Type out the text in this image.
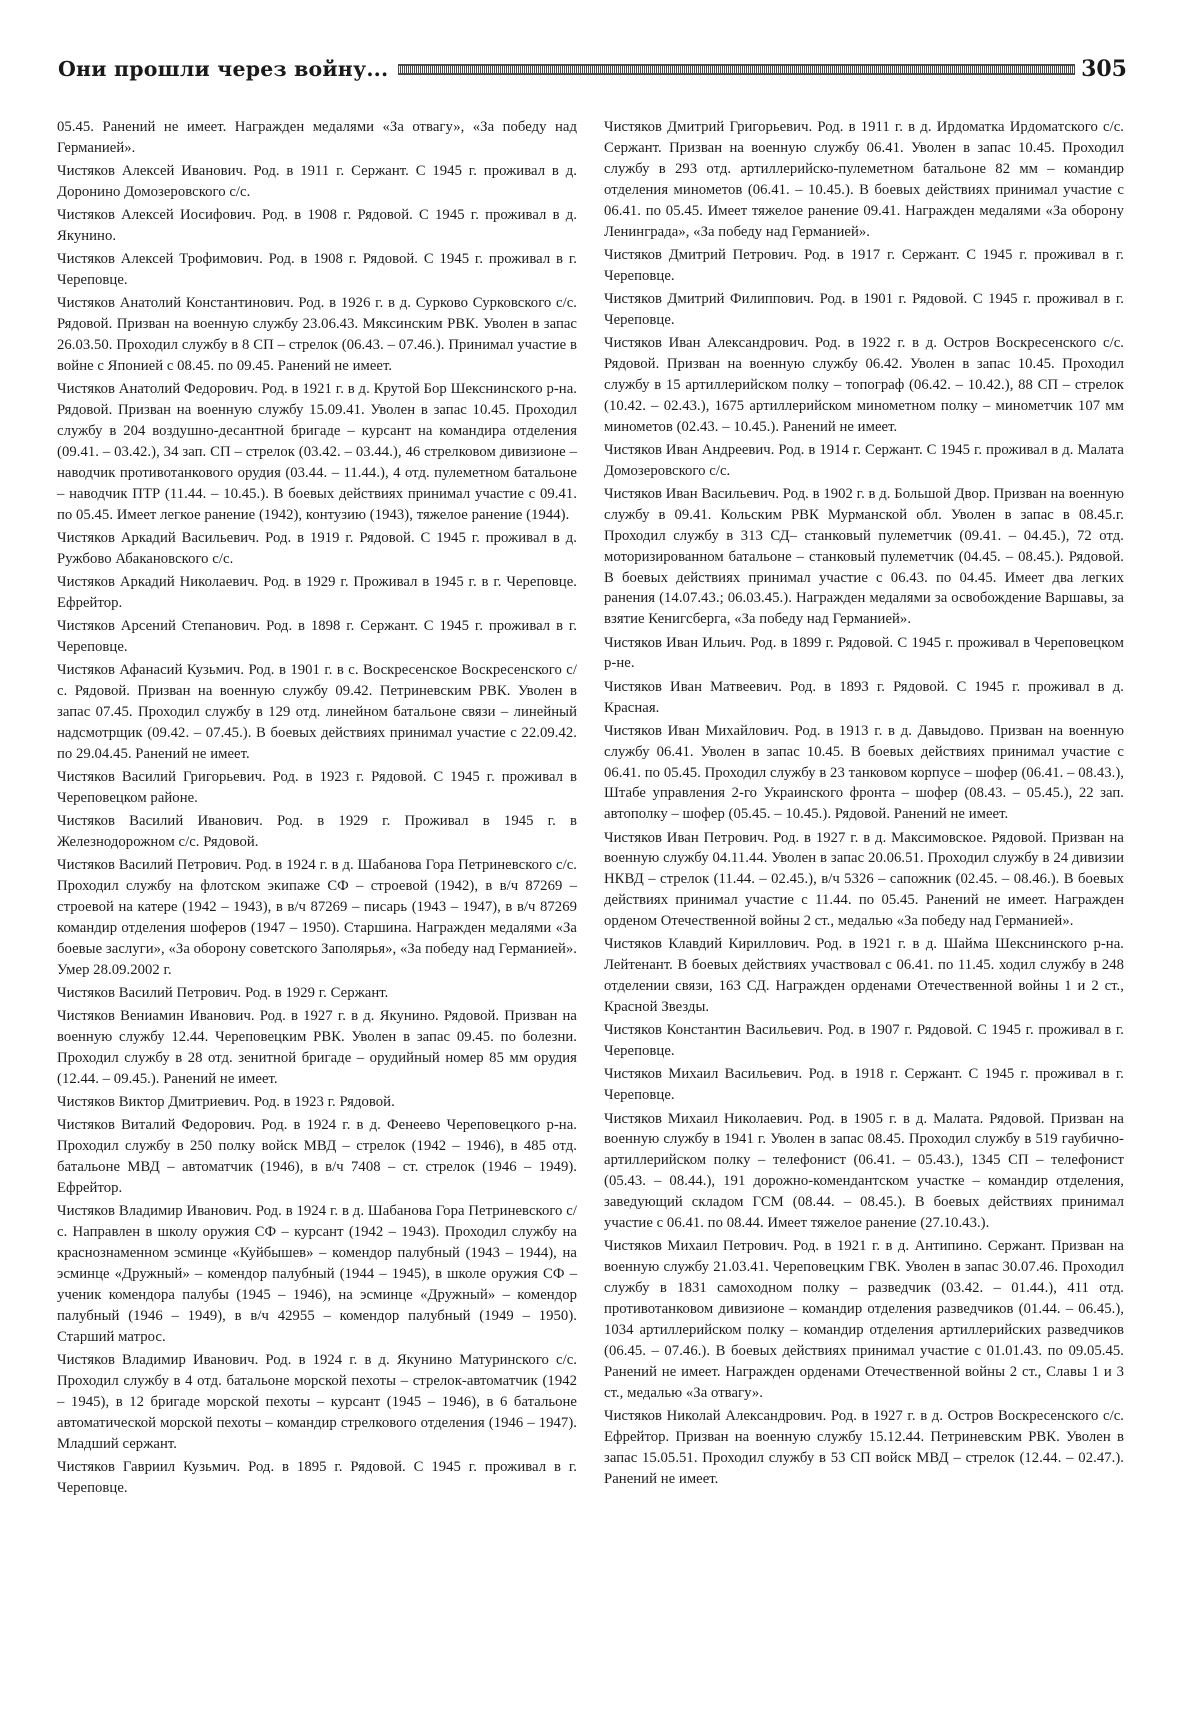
Они прошли через войну...	305

05.45. Ранений не имеет. Награжден медалями «За отвагу», «За победу над Германией».

Чистяков Алексей Иванович. Род. в 1911 г. Сержант. С 1945 г. проживал в д. Доронино Домозеровского с/с.

Чистяков Алексей Иосифович. Род. в 1908 г. Рядовой. С 1945 г. проживал в д. Якунино.

Чистяков Алексей Трофимович. Род. в 1908 г. Рядовой. С 1945 г. проживал в г. Череповце.

Чистяков Анатолий Константинович. Род. в 1926 г. в д. Сурково Сурковского с/с. Рядовой. Призван на военную службу 23.06.43. Мяксинским РВК. Уволен в запас 26.03.50. Проходил службу в 8 СП – стрелок (06.43. – 07.46.). Принимал участие в войне с Японией с 08.45. по 09.45. Ранений не имеет.

Чистяков Анатолий Федорович. Род. в 1921 г. в д. Крутой Бор Шекснинского р-на. Рядовой. Призван на военную службу 15.09.41. Уволен в запас 10.45. Проходил службу в 204 воздушно-десантной бригаде – курсант на командира отделения (09.41. – 03.42.), 34 зап. СП – стрелок (03.42. – 03.44.), 46 стрелковом дивизионе – наводчик противотанкового орудия (03.44. – 11.44.), 4 отд. пулеметном батальоне – наводчик ПТР (11.44. – 10.45.). В боевых действиях принимал участие с 09.41. по 05.45. Имеет легкое ранение (1942), контузию (1943), тяжелое ранение (1944).

Чистяков Аркадий Васильевич. Род. в 1919 г. Рядовой. С 1945 г. проживал в д. Ружбово Абакановского с/с.

Чистяков Аркадий Николаевич. Род. в 1929 г. Проживал в 1945 г. в г. Череповце. Ефрейтор.

Чистяков Арсений Степанович. Род. в 1898 г. Сержант. С 1945 г. проживал в г. Череповце.

Чистяков Афанасий Кузьмич. Род. в 1901 г. в с. Воскресенское Воскресенского с/с. Рядовой. Призван на военную службу 09.42. Петриневским РВК. Уволен в запас 07.45. Проходил службу в 129 отд. линейном батальоне связи – линейный надсмотрщик (09.42. – 07.45.). В боевых действиях принимал участие с 22.09.42. по 29.04.45. Ранений не имеет.

Чистяков Василий Григорьевич. Род. в 1923 г. Рядовой. С 1945 г. проживал в Череповецком районе.

Чистяков Василий Иванович. Род. в 1929 г. Проживал в 1945 г. в Железнодорожном с/с. Рядовой.

Чистяков Василий Петрович. Род. в 1924 г. в д. Шабанова Гора Петриневского с/с. Проходил службу на флотском экипаже СФ – строевой (1942), в в/ч 87269 – строевой на катере (1942 – 1943), в в/ч 87269 – писарь (1943 – 1947), в в/ч 87269 командир отделения шоферов (1947 – 1950). Старшина. Награжден медалями «За боевые заслуги», «За оборону советского Заполярья», «За победу над Германией». Умер 28.09.2002 г.

Чистяков Василий Петрович. Род. в 1929 г. Сержант.

Чистяков Вениамин Иванович. Род. в 1927 г. в д. Якунино. Рядовой. Призван на военную службу 12.44. Череповецким РВК. Уволен в запас 09.45. по болезни. Проходил службу в 28 отд. зенитной бригаде – орудийный номер 85 мм орудия (12.44. – 09.45.). Ранений не имеет.

Чистяков Виктор Дмитриевич. Род. в 1923 г. Рядовой.

Чистяков Виталий Федорович. Род. в 1924 г. в д. Фенеево Череповецкого р-на. Проходил службу в 250 полку войск МВД – стрелок (1942 – 1946), в 485 отд. батальоне МВД – автоматчик (1946), в в/ч 7408 – ст. стрелок (1946 – 1949). Ефрейтор.

Чистяков Владимир Иванович. Род. в 1924 г. в д. Шабанова Гора Петриневского с/с. Направлен в школу оружия СФ – курсант (1942 – 1943). Проходил службу на краснознаменном эсминце «Куйбышев» – комендор палубный (1943 – 1944), на эсминце «Дружный» – комендор палубный (1944 – 1945), в школе оружия СФ – ученик комендора палубы (1945 – 1946), на эсминце «Дружный» – комендор палубный (1946 – 1949), в в/ч 42955 – комендор палубный (1949 – 1950). Старший матрос.

Чистяков Владимир Иванович. Род. в 1924 г. в д. Якунино Матуринского с/с. Проходил службу в 4 отд. батальоне морской пехоты – стрелок-автоматчик (1942 – 1945), в 12 бригаде морской пехоты – курсант (1945 – 1946), в 6 батальоне автоматической морской пехоты – командир стрелкового отделения (1946 – 1947). Младший сержант.

Чистяков Гавриил Кузьмич. Род. в 1895 г. Рядовой. С 1945 г. проживал в г. Череповце.

Чистяков Дмитрий Григорьевич. Род. в 1911 г. в д. Ирдоматка Ирдоматского с/с. Сержант. Призван на военную службу 06.41. Уволен в запас 10.45. Проходил службу в 293 отд. артиллерийско-пулеметном батальоне 82 мм – командир отделения минометов (06.41. – 10.45.). В боевых действиях принимал участие с 06.41. по 05.45. Имеет тяжелое ранение 09.41. Награжден медалями «За оборону Ленинграда», «За победу над Германией».

Чистяков Дмитрий Петрович. Род. в 1917 г. Сержант. С 1945 г. проживал в г. Череповце.

Чистяков Дмитрий Филиппович. Род. в 1901 г. Рядовой. С 1945 г. проживал в г. Череповце.

Чистяков Иван Александрович. Род. в 1922 г. в д. Остров Воскресенского с/с. Рядовой. Призван на военную службу 06.42. Уволен в запас 10.45. Проходил службу в 15 артиллерийском полку – топограф (06.42. – 10.42.), 88 СП – стрелок (10.42. – 02.43.), 1675 артиллерийском минометном полку – минометчик 107 мм минометов (02.43. – 10.45.). Ранений не имеет.

Чистяков Иван Андреевич. Род. в 1914 г. Сержант. С 1945 г. проживал в д. Малата Домозеровского с/с.

Чистяков Иван Васильевич. Род. в 1902 г. в д. Большой Двор. Призван на военную службу в 09.41. Кольским РВК Мурманской обл. Уволен в запас в 08.45.г. Проходил службу в 313 СД– станковый пулеметчик (09.41. – 04.45.), 72 отд. моторизированном батальоне – станковый пулеметчик (04.45. – 08.45.). Рядовой. В боевых действиях принимал участие с 06.43. по 04.45. Имеет два легких ранения (14.07.43.; 06.03.45.). Награжден медалями за освобождение Варшавы, за взятие Кенигсберга, «За победу над Германией».

Чистяков Иван Ильич. Род. в 1899 г. Рядовой. С 1945 г. проживал в Череповецком р-не.

Чистяков Иван Матвеевич. Род. в 1893 г. Рядовой. С 1945 г. проживал в д. Красная.

Чистяков Иван Михайлович. Род. в 1913 г. в д. Давыдово. Призван на военную службу 06.41. Уволен в запас 10.45. В боевых действиях принимал участие с 06.41. по 05.45. Проходил службу в 23 танковом корпусе – шофер (06.41. – 08.43.), Штабе управления 2-го Украинского фронта – шофер (08.43. – 05.45.), 22 зап. автополку – шофер (05.45. – 10.45.). Рядовой. Ранений не имеет.

Чистяков Иван Петрович. Род. в 1927 г. в д. Максимовское. Рядовой. Призван на военную службу 04.11.44. Уволен в запас 20.06.51. Проходил службу в 24 дивизии НКВД – стрелок (11.44. – 02.45.), в/ч 5326 – сапожник (02.45. – 08.46.). В боевых действиях принимал участие с 11.44. по 05.45. Ранений не имеет. Награжден орденом Отечественной войны 2 ст., медалью «За победу над Германией».

Чистяков Клавдий Кириллович. Род. в 1921 г. в д. Шайма Шекснинского р-на. Лейтенант. В боевых действиях участвовал с 06.41. по 11.45. ходил службу в 248 отделении связи, 163 СД. Награжден орденами Отечественной войны 1 и 2 ст., Красной Звезды.

Чистяков Константин Васильевич. Род. в 1907 г. Рядовой. С 1945 г. проживал в г. Череповце.

Чистяков Михаил Васильевич. Род. в 1918 г. Сержант. С 1945 г. проживал в г. Череповце.

Чистяков Михаил Николаевич. Род. в 1905 г. в д. Малата. Рядовой. Призван на военную службу в 1941 г. Уволен в запас 08.45. Проходил службу в 519 гаубично-артиллерийском полку – телефонист (06.41. – 05.43.), 1345 СП – телефонист (05.43. – 08.44.), 191 дорожно-комендантском участке – командир отделения, заведующий складом ГСМ (08.44. – 08.45.). В боевых действиях принимал участие с 06.41. по 08.44. Имеет тяжелое ранение (27.10.43.).

Чистяков Михаил Петрович. Род. в 1921 г. в д. Антипино. Сержант. Призван на военную службу 21.03.41. Череповецким ГВК. Уволен в запас 30.07.46. Проходил службу в 1831 самоходном полку – разведчик (03.42. – 01.44.), 411 отд. противотанковом дивизионе – командир отделения разведчиков (01.44. – 06.45.), 1034 артиллерийском полку – командир отделения артиллерийских разведчиков (06.45. – 07.46.). В боевых действиях принимал участие с 01.01.43. по 09.05.45. Ранений не имеет. Награжден орденами Отечественной войны 2 ст., Славы 1 и 3 ст., медалью «За отвагу».

Чистяков Николай Александрович. Род. в 1927 г. в д. Остров Воскресенского с/с. Ефрейтор. Призван на военную службу 15.12.44. Петриневским РВК. Уволен в запас 15.05.51. Проходил службу в 53 СП войск МВД – стрелок (12.44. – 02.47.). Ранений не имеет.
